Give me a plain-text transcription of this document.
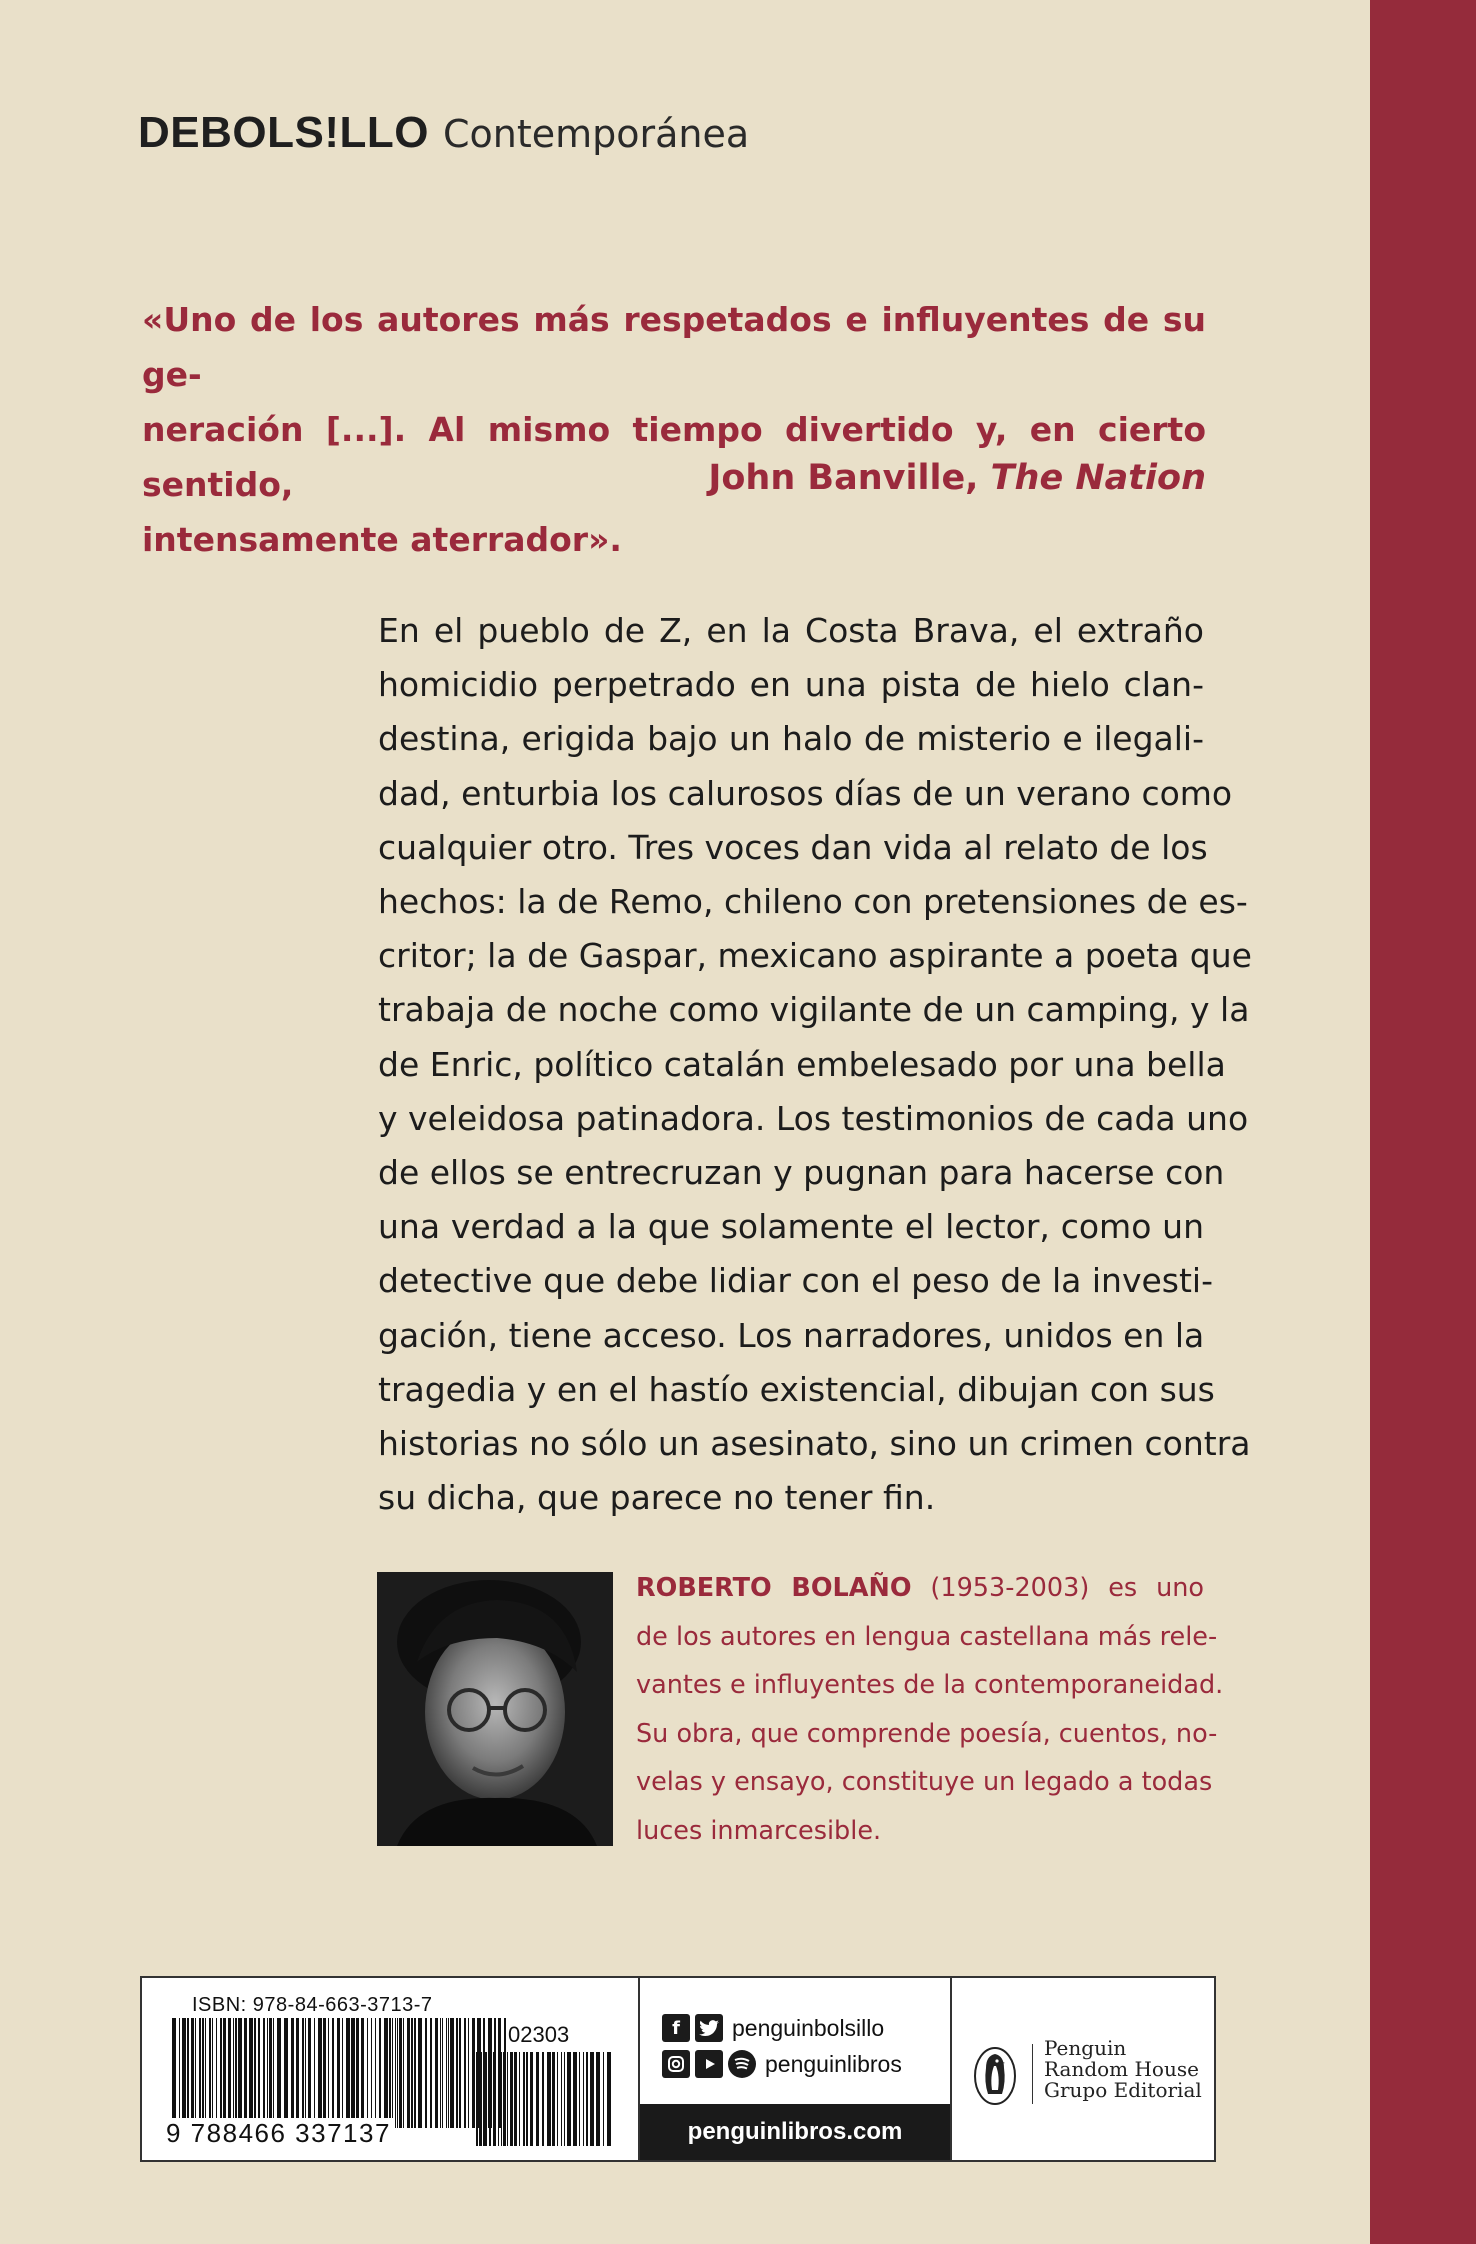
DEBOLS!LLO Contemporánea
«Uno de los autores más respetados e influyentes de su ge-
neración [...]. Al mismo tiempo divertido y, en cierto sentido,
intensamente aterrador».
John Banville, The Nation
En el pueblo de Z, en la Costa Brava, el extraño
homicidio perpetrado en una pista de hielo clan-
destina, erigida bajo un halo de misterio e ilegali-
dad, enturbia los calurosos días de un verano como
cualquier otro. Tres voces dan vida al relato de los
hechos: la de Remo, chileno con pretensiones de es-
critor; la de Gaspar, mexicano aspirante a poeta que
trabaja de noche como vigilante de un camping, y la
de Enric, político catalán embelesado por una bella
y veleidosa patinadora. Los testimonios de cada uno
de ellos se entrecruzan y pugnan para hacerse con
una verdad a la que solamente el lector, como un
detective que debe lidiar con el peso de la investi-
gación, tiene acceso. Los narradores, unidos en la
tragedia y en el hastío existencial, dibujan con sus
historias no sólo un asesinato, sino un crimen contra
su dicha, que parece no tener fin.
ROBERTO BOLAÑO (1953-2003) es uno
de los autores en lengua castellana más rele-
vantes e influyentes de la contemporaneidad.
Su obra, que comprende poesía, cuentos, no-
velas y ensayo, constituye un legado a todas
luces inmarcesible.
ISBN: 978-84-663-3713-7
02303
9 788466 337137
f	penguinbolsillo
penguinlibros
penguinlibros.com
Penguin
Random House
Grupo Editorial
